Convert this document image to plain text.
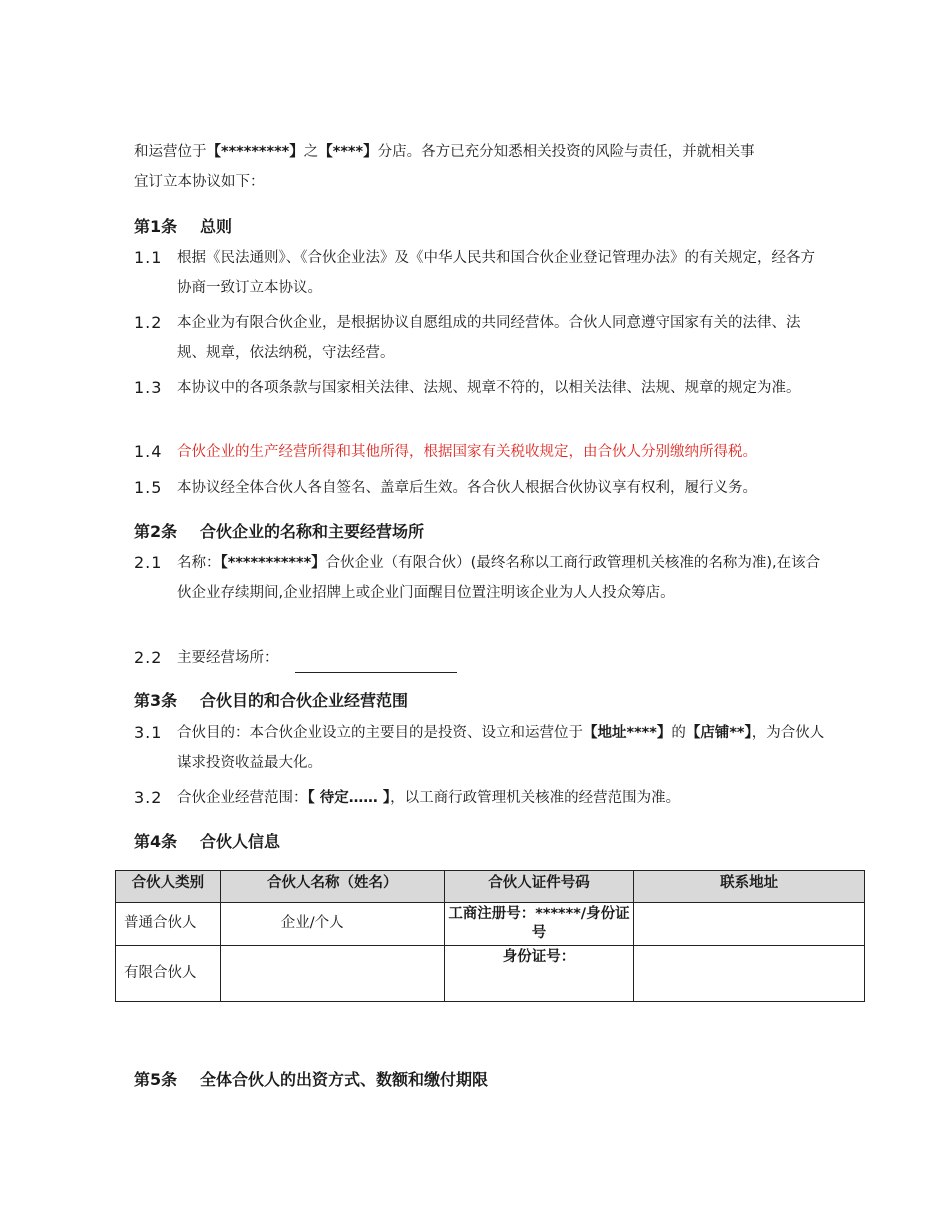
和运营位于【*********】之【****】分店。各方已充分知悉相关投资的风险与责任，并就相关事
宜订立本协议如下：

第1条 总则
1.1	根据《民法通则》、《合伙企业法》及《中华人民共和国合伙企业登记管理办法》的有关规定，经各方协商一致订立本协议。
1.2	本企业为有限合伙企业，是根据协议自愿组成的共同经营体。合伙人同意遵守国家有关的法律、法规、规章，依法纳税，守法经营。
1.3	本协议中的各项条款与国家相关法律、法规、规章不符的，以相关法律、法规、规章的规定为准。
1.4	合伙企业的生产经营所得和其他所得，根据国家有关税收规定，由合伙人分别缴纳所得税。
1.5	本协议经全体合伙人各自签名、盖章后生效。各合伙人根据合伙协议享有权利，履行义务。
第2条 合伙企业的名称和主要经营场所
2.1	名称：【***********】合伙企业（有限合伙）(最终名称以工商行政管理机关核准的名称为准),在该合伙企业存续期间,企业招牌上或企业门面醒目位置注明该企业为人人投众筹店。
2.2	主要经营场所：
第3条 合伙目的和合伙企业经营范围
3.1	合伙目的：本合伙企业设立的主要目的是投资、设立和运营位于【地址****】的【店铺**】，为合伙人谋求投资收益最大化。
3.2	合伙企业经营范围：【 待定…… 】，以工商行政管理机关核准的经营范围为准。
第4条 合伙人信息
合伙人类别	合伙人名称（姓名）	合伙人证件号码	联系地址
普通合伙人	企业/个人	工商注册号：******/身份证号	
有限合伙人		身份证号：	
第5条 全体合伙人的出资方式、数额和缴付期限
